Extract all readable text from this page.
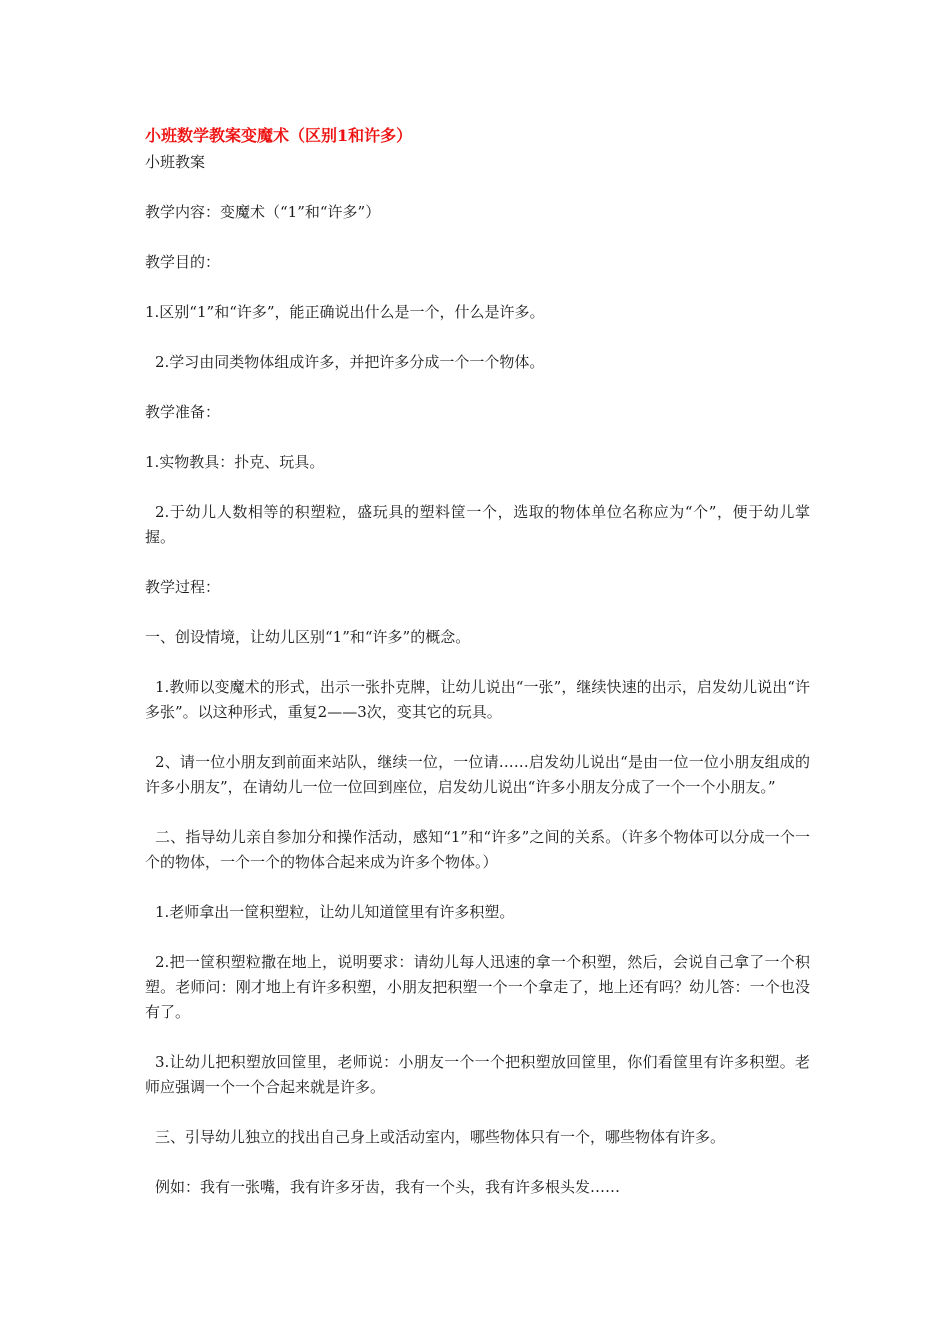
小班数学教案变魔术（区别1和许多）

小班教案

教学内容：变魔术（“1”和“许多”）

教学目的：

1.区别“1”和“许多”，能正确说出什么是一个，什么是许多。

2.学习由同类物体组成许多，并把许多分成一个一个物体。

教学准备：

1.实物教具：扑克、玩具。

2.于幼儿人数相等的积塑粒，盛玩具的塑料筐一个，选取的物体单位名称应为“个”，便于幼儿掌握。

教学过程：

一、创设情境，让幼儿区别“1”和“许多”的概念。

1.教师以变魔术的形式，出示一张扑克牌，让幼儿说出“一张”，继续快速的出示，启发幼儿说出“许多张”。以这种形式，重复2——3次，变其它的玩具。

2、请一位小朋友到前面来站队，继续一位，一位请……启发幼儿说出“是由一位一位小朋友组成的许多小朋友”，在请幼儿一位一位回到座位，启发幼儿说出“许多小朋友分成了一个一个小朋友。”

二、指导幼儿亲自参加分和操作活动，感知“1”和“许多”之间的关系。（许多个物体可以分成一个一个的物体，一个一个的物体合起来成为许多个物体。）

1.老师拿出一筐积塑粒，让幼儿知道筐里有许多积塑。

2.把一筐积塑粒撒在地上，说明要求：请幼儿每人迅速的拿一个积塑，然后，会说自己拿了一个积塑。老师问：刚才地上有许多积塑，小朋友把积塑一个一个拿走了，地上还有吗？幼儿答：一个也没有了。

3.让幼儿把积塑放回筐里，老师说：小朋友一个一个把积塑放回筐里，你们看筐里有许多积塑。老师应强调一个一个合起来就是许多。

三、引导幼儿独立的找出自己身上或活动室内，哪些物体只有一个，哪些物体有许多。

例如：我有一张嘴，我有许多牙齿，我有一个头，我有许多根头发……
